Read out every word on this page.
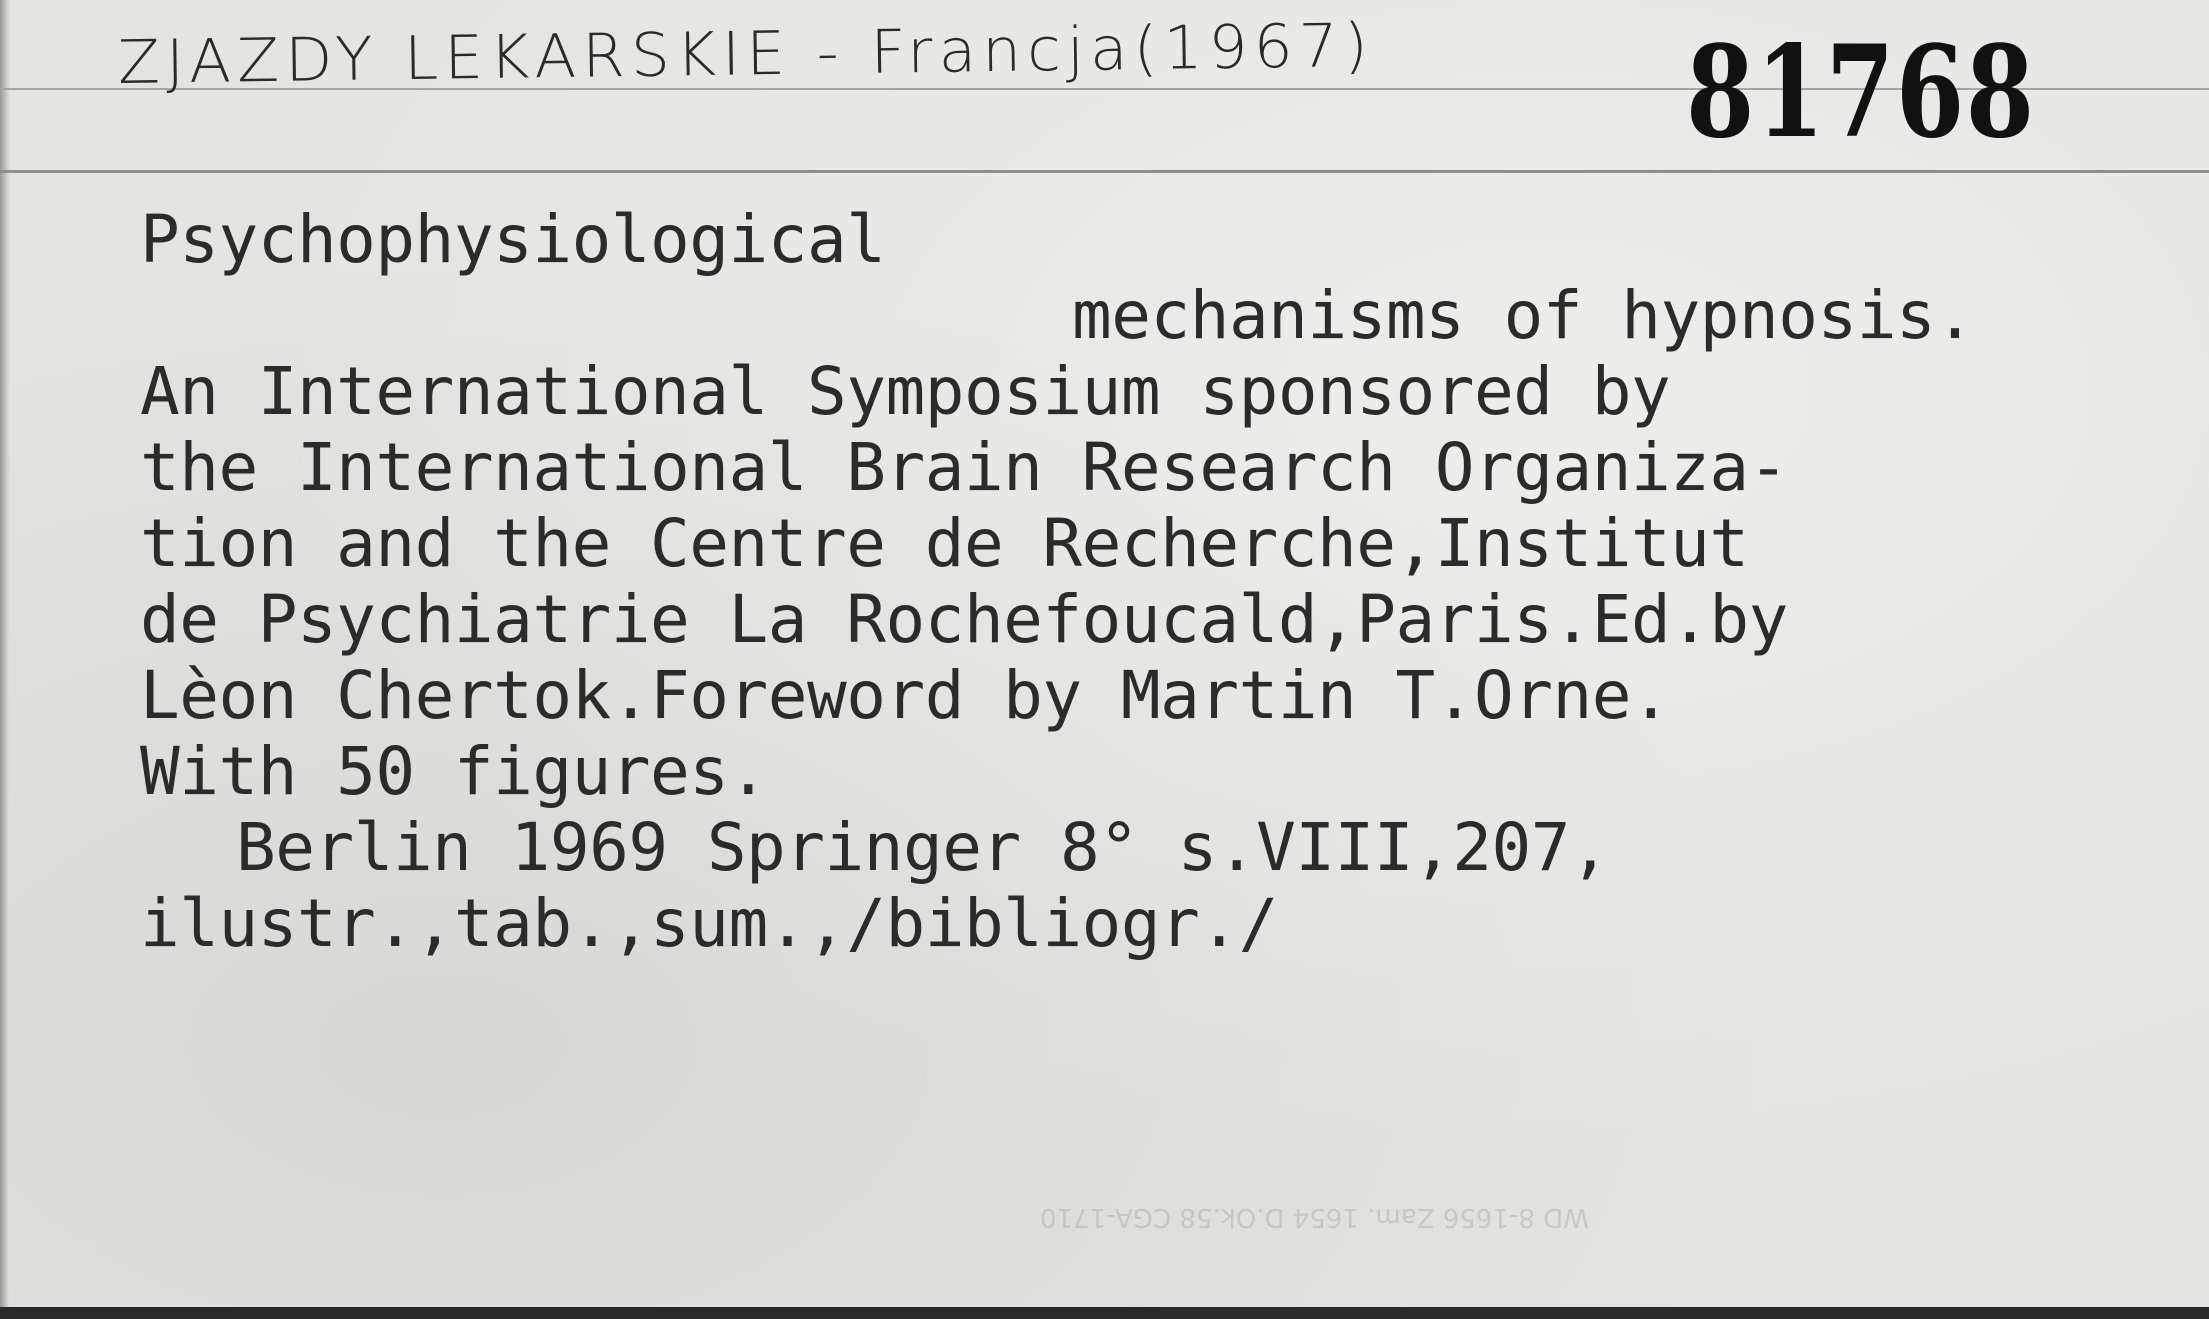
ZJAZDY LEKARSKIE - Francja(1967) 81768
Psychophysiological
mechanisms of hypnosis.
An International Symposium sponsored by
the International Brain Research Organiza-
tion and the Centre de Recherche,Institut
de Psychiatrie La Rochefoucald,Paris.Ed.by
Lèon Chertok.Foreword by Martin T.Orne.
With 50 figures.
Berlin 1969 Springer 8° s.VIII,207,
ilustr.,tab.,sum.,/bibliogr./
WD 8-1656 Zam. 1654 D.Ok.58 CGA-1710
